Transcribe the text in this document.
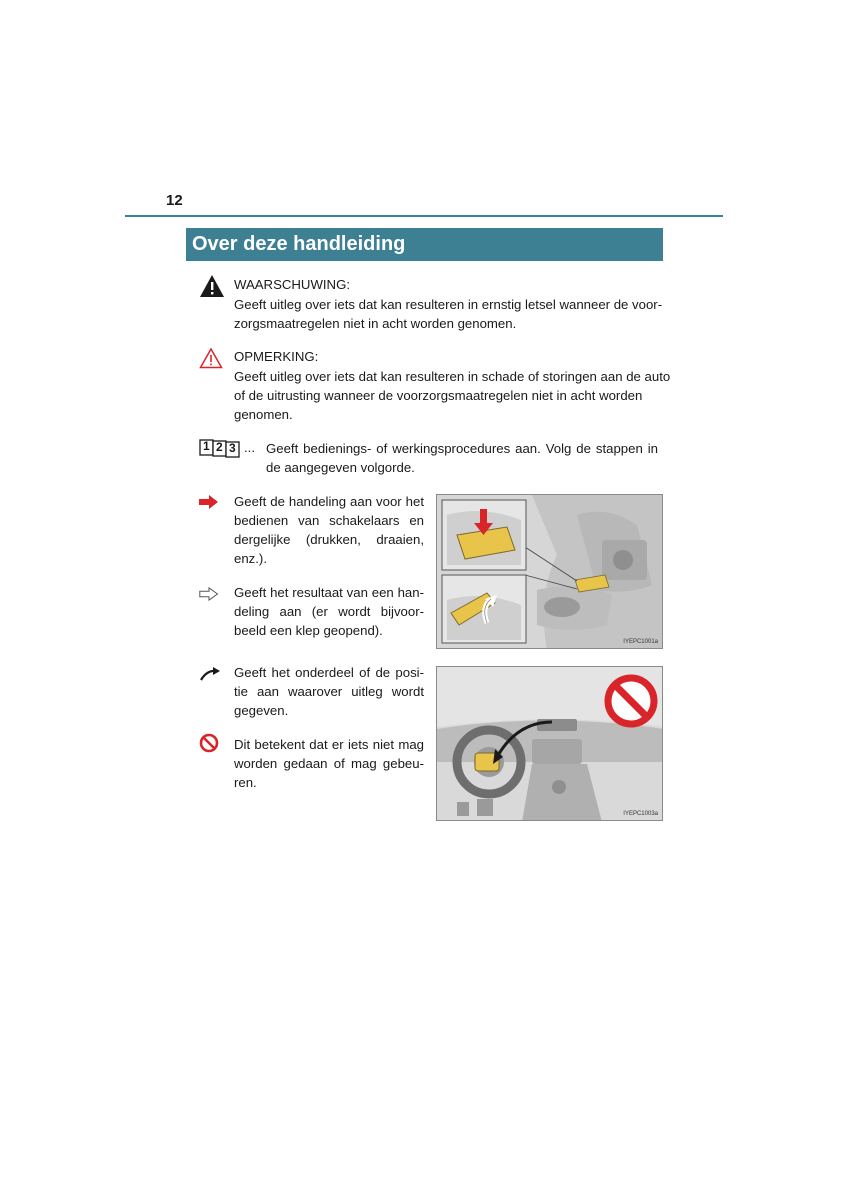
12
Over deze handleiding
WAARSCHUWING:
Geeft uitleg over iets dat kan resulteren in ernstig letsel wanneer de voor-
zorgsmaatregelen niet in acht worden genomen.
OPMERKING:
Geeft uitleg over iets dat kan resulteren in schade of storingen aan de auto
of de uitrusting wanneer de voorzorgsmaatregelen niet in acht worden
genomen.
1 2 3 ... Geeft bedienings- of werkingsprocedures aan. Volg de stappen in
de aangegeven volgorde.
Geeft de handeling aan voor het
bedienen van schakelaars en
dergelijke (drukken, draaien,
enz.).
Geeft het resultaat van een han-
deling aan (er wordt bijvoor-
beeld een klep geopend).
Geeft het onderdeel of de posi-
tie aan waarover uitleg wordt
gegeven.
Dit betekent dat er iets niet mag
worden gedaan of mag gebeu-
ren.
IYEPC1001a
IYEPC1003a
